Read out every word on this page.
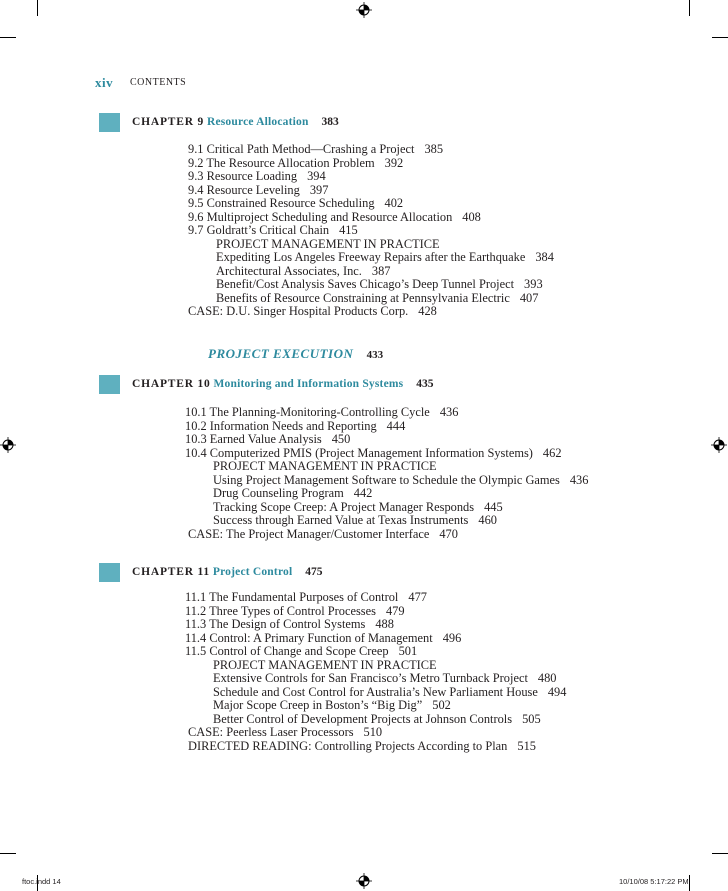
xiv CONTENTS
CHAPTER 9 Resource Allocation 383
9.1 Critical Path Method—Crashing a Project 385
9.2 The Resource Allocation Problem 392
9.3 Resource Loading 394
9.4 Resource Leveling 397
9.5 Constrained Resource Scheduling 402
9.6 Multiproject Scheduling and Resource Allocation 408
9.7 Goldratt’s Critical Chain 415
PROJECT MANAGEMENT IN PRACTICE
Expediting Los Angeles Freeway Repairs after the Earthquake 384
Architectural Associates, Inc. 387
Benefit/Cost Analysis Saves Chicago’s Deep Tunnel Project 393
Benefits of Resource Constraining at Pennsylvania Electric 407
CASE: D.U. Singer Hospital Products Corp. 428
PROJECT EXECUTION 433
CHAPTER 10 Monitoring and Information Systems 435
10.1 The Planning-Monitoring-Controlling Cycle 436
10.2 Information Needs and Reporting 444
10.3 Earned Value Analysis 450
10.4 Computerized PMIS (Project Management Information Systems) 462
PROJECT MANAGEMENT IN PRACTICE
Using Project Management Software to Schedule the Olympic Games 436
Drug Counseling Program 442
Tracking Scope Creep: A Project Manager Responds 445
Success through Earned Value at Texas Instruments 460
CASE: The Project Manager/Customer Interface 470
CHAPTER 11 Project Control 475
11.1 The Fundamental Purposes of Control 477
11.2 Three Types of Control Processes 479
11.3 The Design of Control Systems 488
11.4 Control: A Primary Function of Management 496
11.5 Control of Change and Scope Creep 501
PROJECT MANAGEMENT IN PRACTICE
Extensive Controls for San Francisco’s Metro Turnback Project 480
Schedule and Cost Control for Australia’s New Parliament House 494
Major Scope Creep in Boston’s “Big Dig” 502
Better Control of Development Projects at Johnson Controls 505
CASE: Peerless Laser Processors 510
DIRECTED READING: Controlling Projects According to Plan 515
ftoc.indd 14	10/10/08 5:17:22 PM
